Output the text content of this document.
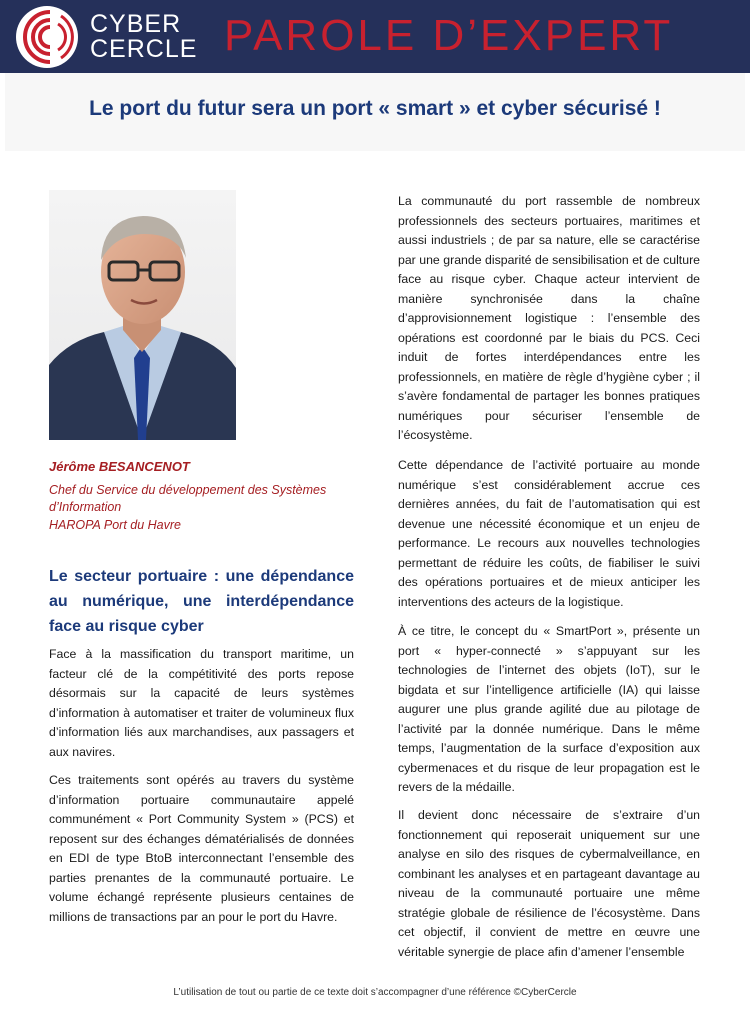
CYBER
CERCLE PAROLE D’EXPERT
Le port du futur sera un port « smart » et cyber sécurisé !
Jérôme BESANCENOT
Chef du Service du développement des Systèmes
d’Information
HAROPA Port du Havre
Le secteur portuaire : une dépendance au numérique, une interdépendance face au risque cyber

Face à la massification du transport maritime, un facteur clé de la compétitivité des ports repose désormais sur la capacité de leurs systèmes d’information à automatiser et traiter de volumineux flux d’information liés aux marchandises, aux passagers et aux navires.

Ces traitements sont opérés au travers du système d’information portuaire communautaire appelé communément « Port Community System » (PCS) et reposent sur des échanges dématérialisés de données en EDI de type BtoB interconnectant l’ensemble des parties prenantes de la communauté portuaire. Le volume échangé représente plusieurs centaines de millions de transactions par an pour le port du Havre.

La communauté du port rassemble de nombreux professionnels des secteurs portuaires, maritimes et aussi industriels ; de par sa nature, elle se caractérise par une grande disparité de sensibilisation et de culture face au risque cyber. Chaque acteur intervient de manière synchronisée dans la chaîne d’approvisionnement logistique : l’ensemble des opérations est coordonné par le biais du PCS. Ceci induit de fortes interdépendances entre les professionnels, en matière de règle d’hygiène cyber ; il s’avère fondamental de partager les bonnes pratiques numériques pour sécuriser l’ensemble de l’écosystème.

Cette dépendance de l’activité portuaire au monde numérique s’est considérablement accrue ces dernières années, du fait de l’automatisation qui est devenue une nécessité économique et un enjeu de performance. Le recours aux nouvelles technologies permettant de réduire les coûts, de fiabiliser le suivi des opérations portuaires et de mieux anticiper les interventions des acteurs de la logistique.

À ce titre, le concept du « SmartPort », présente un port « hyper-connecté » s’appuyant sur les technologies de l’internet des objets (IoT), sur le bigdata et sur l’intelligence artificielle (IA) qui laisse augurer une plus grande agilité due au pilotage de l’activité par la donnée numérique. Dans le même temps, l’augmentation de la surface d’exposition aux cybermenaces et du risque de leur propagation est le revers de la médaille.

Il devient donc nécessaire de s’extraire d’un fonctionnement qui reposerait uniquement sur une analyse en silo des risques de cybermalveillance, en combinant les analyses et en partageant davantage au niveau de la communauté portuaire une même stratégie globale de résilience de l’écosystème. Dans cet objectif, il convient de mettre en œuvre une véritable synergie de place afin d’amener l’ensemble

L’utilisation de tout ou partie de ce texte doit s’accompagner d’une référence ©CyberCercle
